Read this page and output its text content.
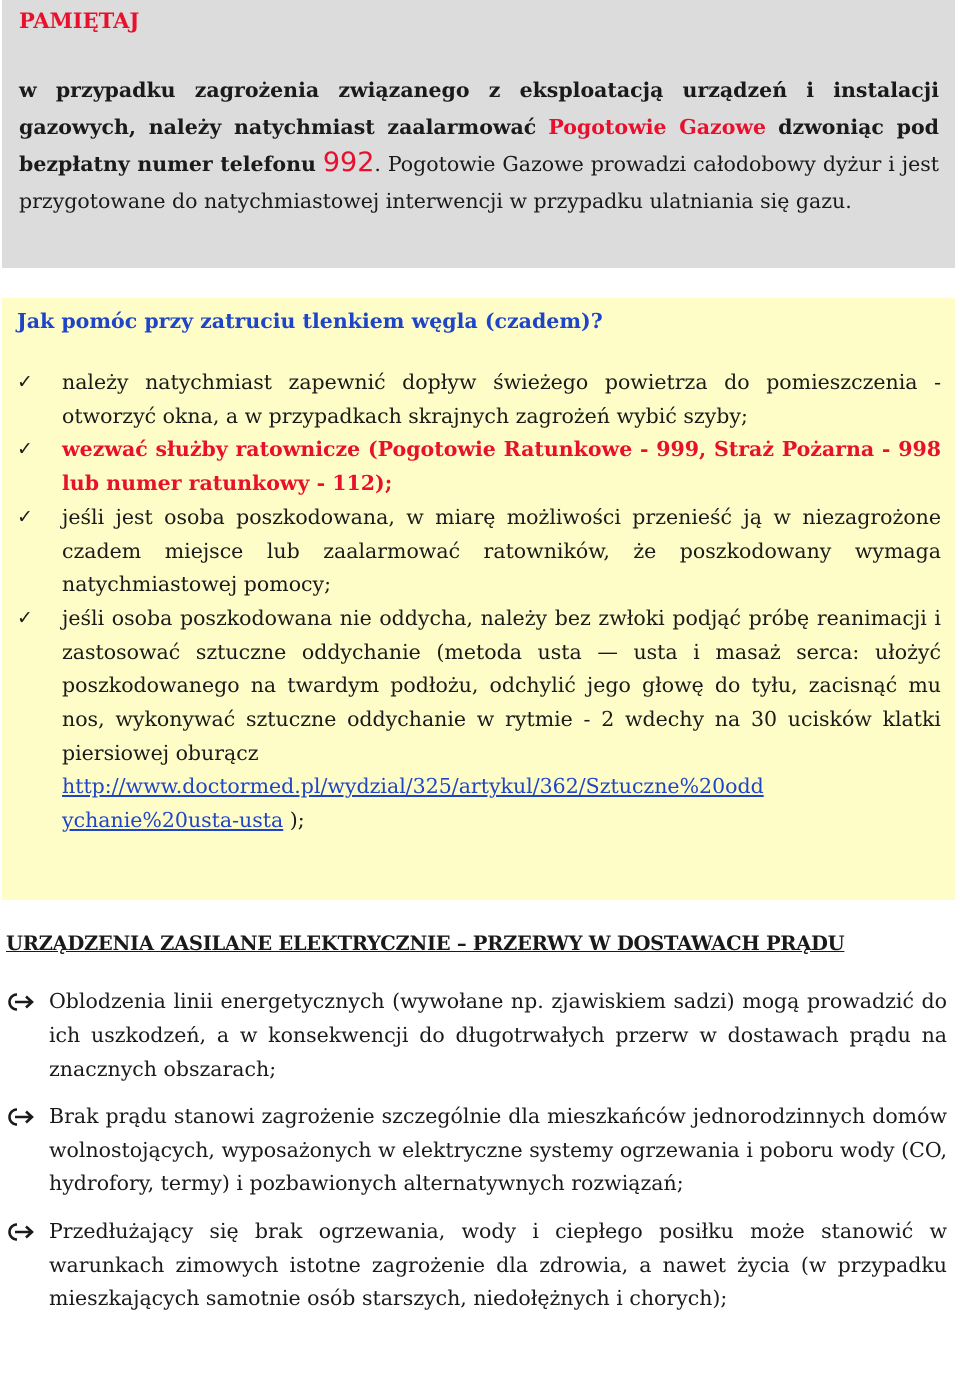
PAMIĘTAJ
w przypadku zagrożenia związanego z eksploatacją urządzeń i instalacji gazowych, należy natychmiast zaalarmować Pogotowie Gazowe dzwoniąc pod bezpłatny numer telefonu 992. Pogotowie Gazowe prowadzi całodobowy dyżur i jest przygotowane do natychmiastowej interwencji w przypadku ulatniania się gazu.
Jak pomóc przy zatruciu tlenkiem węgla (czadem)?
✓ należy natychmiast zapewnić dopływ świeżego powietrza do pomieszczenia - otworzyć okna, a w przypadkach skrajnych zagrożeń wybić szyby;
✓ wezwać służby ratownicze (Pogotowie Ratunkowe - 999, Straż Pożarna - 998 lub numer ratunkowy - 112);
✓ jeśli jest osoba poszkodowana, w miarę możliwości przenieść ją w niezagrożone czadem miejsce lub zaalarmować ratowników, że poszkodowany wymaga natychmiastowej pomocy;
✓ jeśli osoba poszkodowana nie oddycha, należy bez zwłoki podjąć próbę reanimacji i zastosować sztuczne oddychanie (metoda usta — usta i masaż serca: ułożyć poszkodowanego na twardym podłożu, odchylić jego głowę do tyłu, zacisnąć mu nos, wykonywać sztuczne oddychanie w rytmie - 2 wdechy na 30 ucisków klatki piersiowej oburącz
http://www.doctormed.pl/wydzial/325/artykul/362/Sztuczne%20odd
ychanie%20usta-usta );
URZĄDZENIA ZASILANE ELEKTRYCZNIE – PRZERWY W DOSTAWACH PRĄDU
Oblodzenia linii energetycznych (wywołane np. zjawiskiem sadzi) mogą prowadzić do ich uszkodzeń, a w konsekwencji do długotrwałych przerw w dostawach prądu na znacznych obszarach;
Brak prądu stanowi zagrożenie szczególnie dla mieszkańców jednorodzinnych domów wolnostojących, wyposażonych w elektryczne systemy ogrzewania i poboru wody (CO, hydrofory, termy) i pozbawionych alternatywnych rozwiązań;
Przedłużający się brak ogrzewania, wody i ciepłego posiłku może stanowić w warunkach zimowych istotne zagrożenie dla zdrowia, a nawet życia (w przypadku mieszkających samotnie osób starszych, niedołężnych i chorych);
